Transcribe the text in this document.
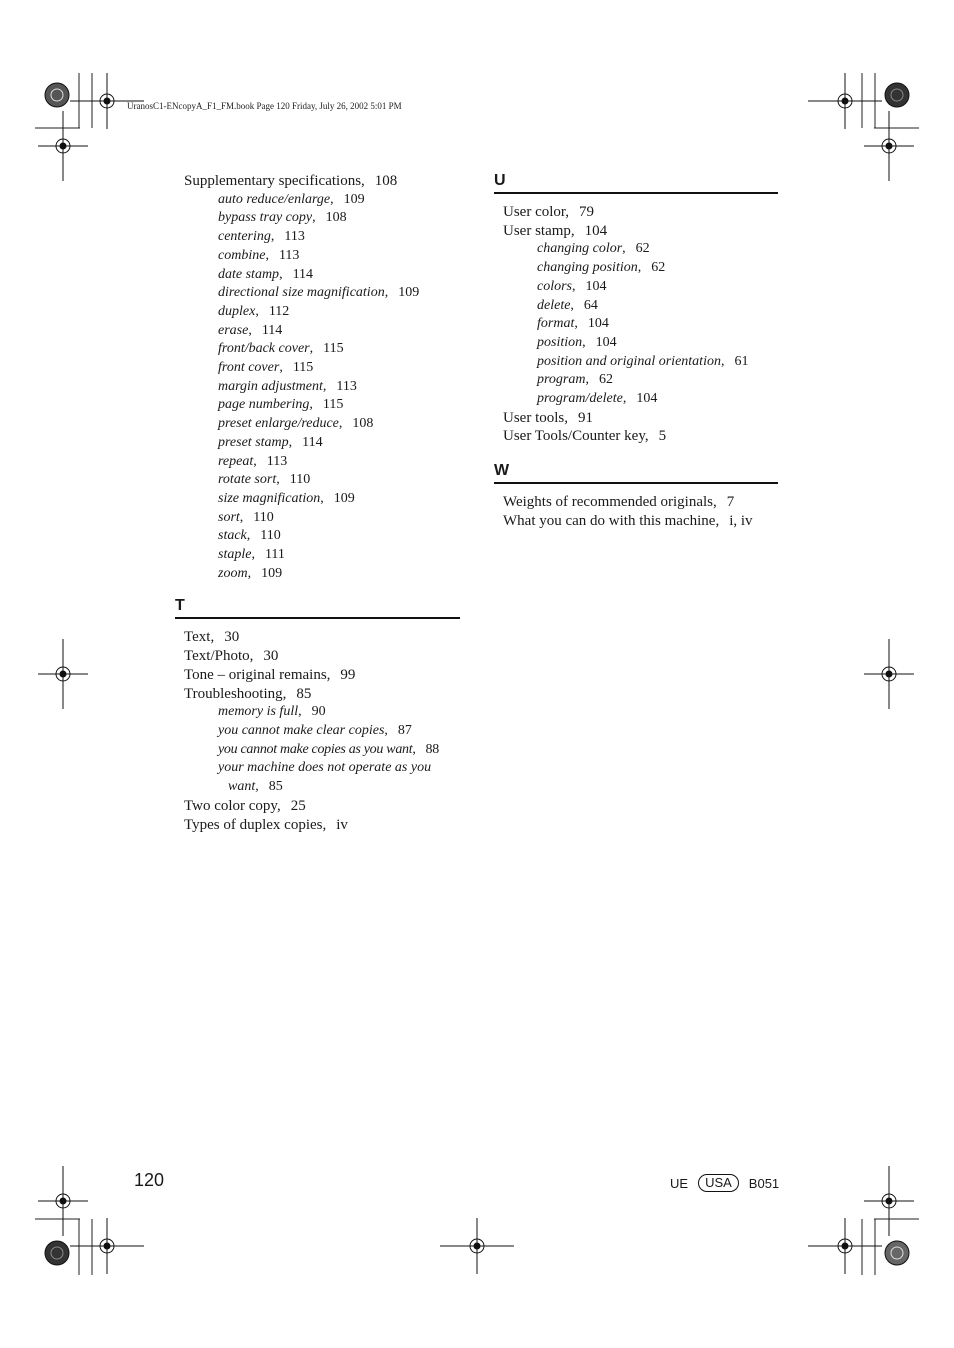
UranosC1-ENcopyA_F1_FM.book Page 120 Friday, July 26, 2002 5:01 PM
Supplementary specifications, 108
auto reduce/enlarge, 109
bypass tray copy, 108
centering, 113
combine, 113
date stamp, 114
directional size magnification, 109
duplex, 112
erase, 114
front/back cover, 115
front cover, 115
margin adjustment, 113
page numbering, 115
preset enlarge/reduce, 108
preset stamp, 114
repeat, 113
rotate sort, 110
size magnification, 109
sort, 110
stack, 110
staple, 111
zoom, 109
T
Text, 30
Text/Photo, 30
Tone – original remains, 99
Troubleshooting, 85
memory is full, 90
you cannot make clear copies, 87
you cannot make copies as you want, 88
your machine does not operate as you
want, 85
Two color copy, 25
Types of duplex copies, iv
U
User color, 79
User stamp, 104
changing color, 62
changing position, 62
colors, 104
delete, 64
format, 104
position, 104
position and original orientation, 61
program, 62
program/delete, 104
User tools, 91
User Tools/Counter key, 5
W
Weights of recommended originals, 7
What you can do with this machine, i, iv
120	UE	USA	B051
